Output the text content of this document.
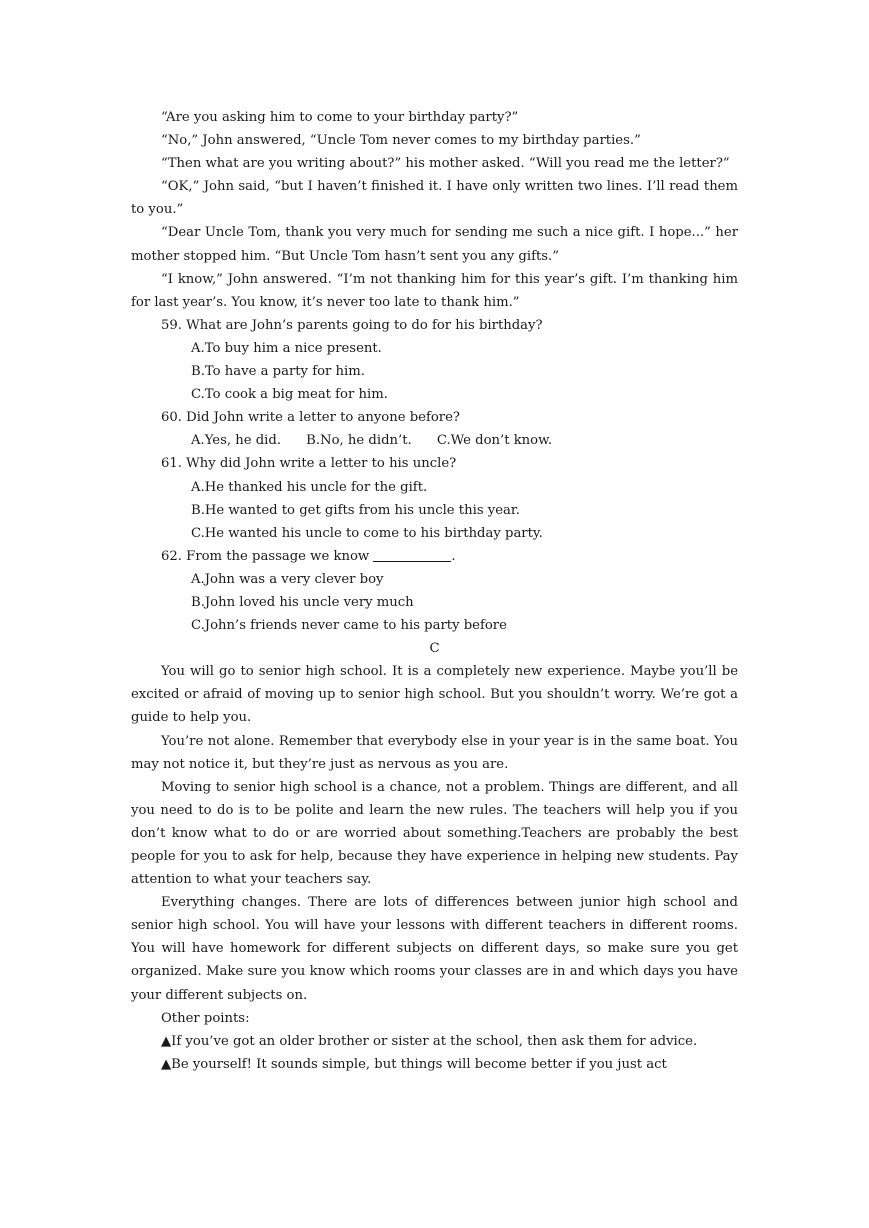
“Are you asking him to come to your birthday party?”

“No,” John answered, “Uncle Tom never comes to my birthday parties.”

“Then what are you writing about?” his mother asked. “Will you read me the letter?”

“OK,” John said, “but I haven’t finished it. I have only written two lines. I’ll read them to you.”

“Dear Uncle Tom, thank you very much for sending me such a nice gift. I hope...” her mother stopped him. “But Uncle Tom hasn’t sent you any gifts.”

“I know,” John answered. “I’m not thanking him for this year’s gift. I’m thanking him for last year’s. You know, it’s never too late to thank him.”

59. What are John’s parents going to do for his birthday?

A.To buy him a nice present.

B.To have a party for him.

C.To cook a big meat for him.

60. Did John write a letter to anyone before?

A.Yes, he did. B.No, he didn’t. C.We don’t know.

61. Why did John write a letter to his uncle?

A.He thanked his uncle for the gift.

B.He wanted to get gifts from his uncle this year.

C.He wanted his uncle to come to his birthday party.

62. From the passage we know	.

A.John was a very clever boy

B.John loved his uncle very much

C.John’s friends never came to his party before

C

You will go to senior high school. It is a completely new experience. Maybe you’ll be excited or afraid of moving up to senior high school. But you shouldn’t worry. We’re got a guide to help you.

You’re not alone. Remember that everybody else in your year is in the same boat. You may not notice it, but they’re just as nervous as you are.

Moving to senior high school is a chance, not a problem. Things are different, and all you need to do is to be polite and learn the new rules. The teachers will help you if you don’t know what to do or are worried about something.Teachers are probably the best people for you to ask for help, because they have experience in helping new students. Pay attention to what your teachers say.

Everything changes. There are lots of differences between junior high school and senior high school. You will have your lessons with different teachers in different rooms. You will have homework for different subjects on different days, so make sure you get organized. Make sure you know which rooms your classes are in and which days you have your different subjects on.

Other points:

▲If you’ve got an older brother or sister at the school, then ask them for advice.

▲Be yourself! It sounds simple, but things will become better if you just act
